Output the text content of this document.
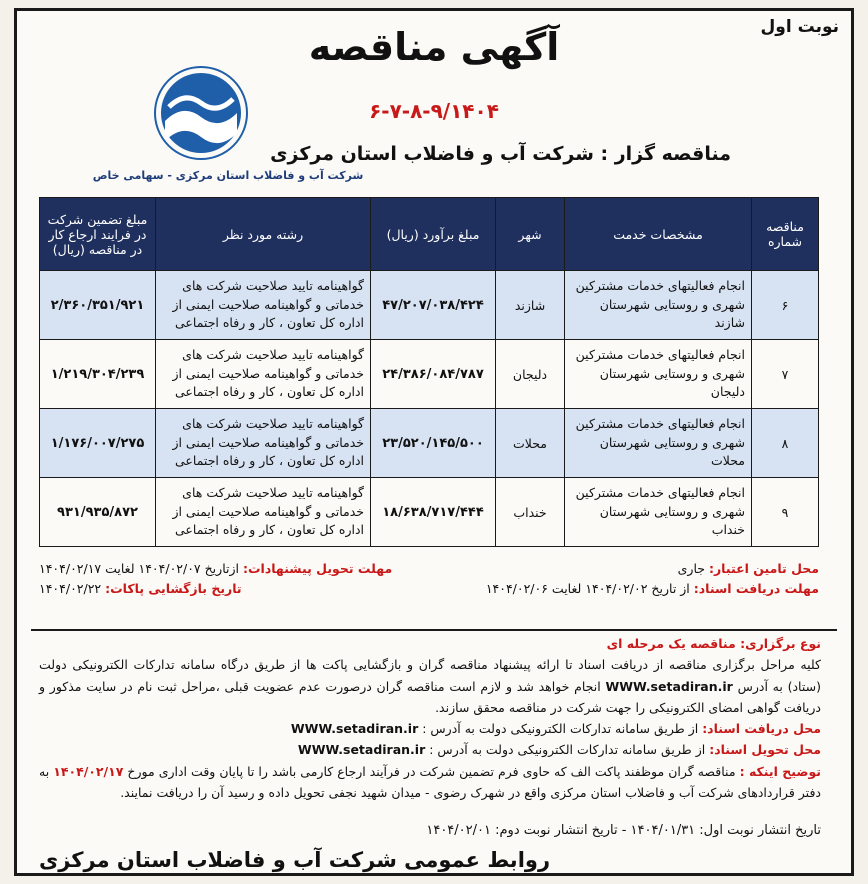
نوبت اول
آگهی مناقصه
۶-۷-۸-۹/۱۴۰۴
مناقصه گزار : شرکت آب و فاضلاب استان مرکزی
شرکت آب و فاضلاب استان مرکزی - سهامی خاص
مناقصه شماره	مشخصات خدمت	شهر	مبلغ برآورد (ریال)	رشته مورد نظر	مبلغ تضمین شرکت در فرایند ارجاع کار در مناقصه (ریال)
۶	انجام فعالیتهای خدمات مشترکین شهری و روستایی شهرستان شازند	شازند	۴۷/۲۰۷/۰۳۸/۴۲۴	گواهینامه تایید صلاحیت شرکت های خدماتی و گواهینامه صلاحیت ایمنی از اداره کل تعاون ، کار و رفاه اجتماعی	۲/۳۶۰/۳۵۱/۹۲۱
۷	انجام فعالیتهای خدمات مشترکین شهری و روستایی شهرستان دلیجان	دلیجان	۲۴/۳۸۶/۰۸۴/۷۸۷	گواهینامه تایید صلاحیت شرکت های خدماتی و گواهینامه صلاحیت ایمنی از اداره کل تعاون ، کار و رفاه اجتماعی	۱/۲۱۹/۳۰۴/۲۳۹
۸	انجام فعالیتهای خدمات مشترکین شهری و روستایی شهرستان محلات	محلات	۲۳/۵۲۰/۱۴۵/۵۰۰	گواهینامه تایید صلاحیت شرکت های خدماتی و گواهینامه صلاحیت ایمنی از اداره کل تعاون ، کار و رفاه اجتماعی	۱/۱۷۶/۰۰۷/۲۷۵
۹	انجام فعالیتهای خدمات مشترکین شهری و روستایی شهرستان خنداب	خنداب	۱۸/۶۳۸/۷۱۷/۴۴۴	گواهینامه تایید صلاحیت شرکت های خدماتی و گواهینامه صلاحیت ایمنی از اداره کل تعاون ، کار و رفاه اجتماعی	۹۳۱/۹۳۵/۸۷۲
محل تامین اعتبار: جاری
مهلت تحویل پیشنهادات: ازتاریخ ۱۴۰۴/۰۲/۰۷ لغایت ۱۴۰۴/۰۲/۱۷
مهلت دریافت اسناد: از تاریخ ۱۴۰۴/۰۲/۰۲ لغایت ۱۴۰۴/۰۲/۰۶
تاریخ بازگشایی پاکات: ۱۴۰۴/۰۲/۲۲
نوع برگزاری: مناقصه یک مرحله ای
کلیه مراحل برگزاری مناقصه از دریافت اسناد تا ارائه پیشنهاد مناقصه گران و بازگشایی پاکت ها از طریق درگاه سامانه تدارکات الکترونیکی دولت (ستاد) به آدرس WWW.setadiran.ir انجام خواهد شد و لازم است مناقصه گران درصورت عدم عضویت قبلی ،مراحل ثبت نام در سایت مذکور و دریافت گواهی امضای الکترونیکی را جهت شرکت در مناقصه محقق سازند.
محل دریافت اسناد: از طریق سامانه تدارکات الکترونیکی دولت به آدرس : WWW.setadiran.ir
محل تحویل اسناد: از طریق سامانه تدارکات الکترونیکی دولت به آدرس : WWW.setadiran.ir
توضیح اینکه : مناقصه گران موظفند پاکت الف که حاوی فرم تضمین شرکت در فرآیند ارجاع کارمی باشد را تا پایان وقت اداری مورخ ۱۴۰۴/۰۲/۱۷ به دفتر قراردادهای شرکت آب و فاضلاب استان مرکزی واقع در شهرک رضوی - میدان شهید نجفی تحویل داده و رسید آن را دریافت نمایند.
تاریخ انتشار نوبت اول: ۱۴۰۴/۰۱/۳۱ - تاریخ انتشار نوبت دوم: ۱۴۰۴/۰۲/۰۱
روابط عمومی شرکت آب و فاضلاب استان مرکزی
